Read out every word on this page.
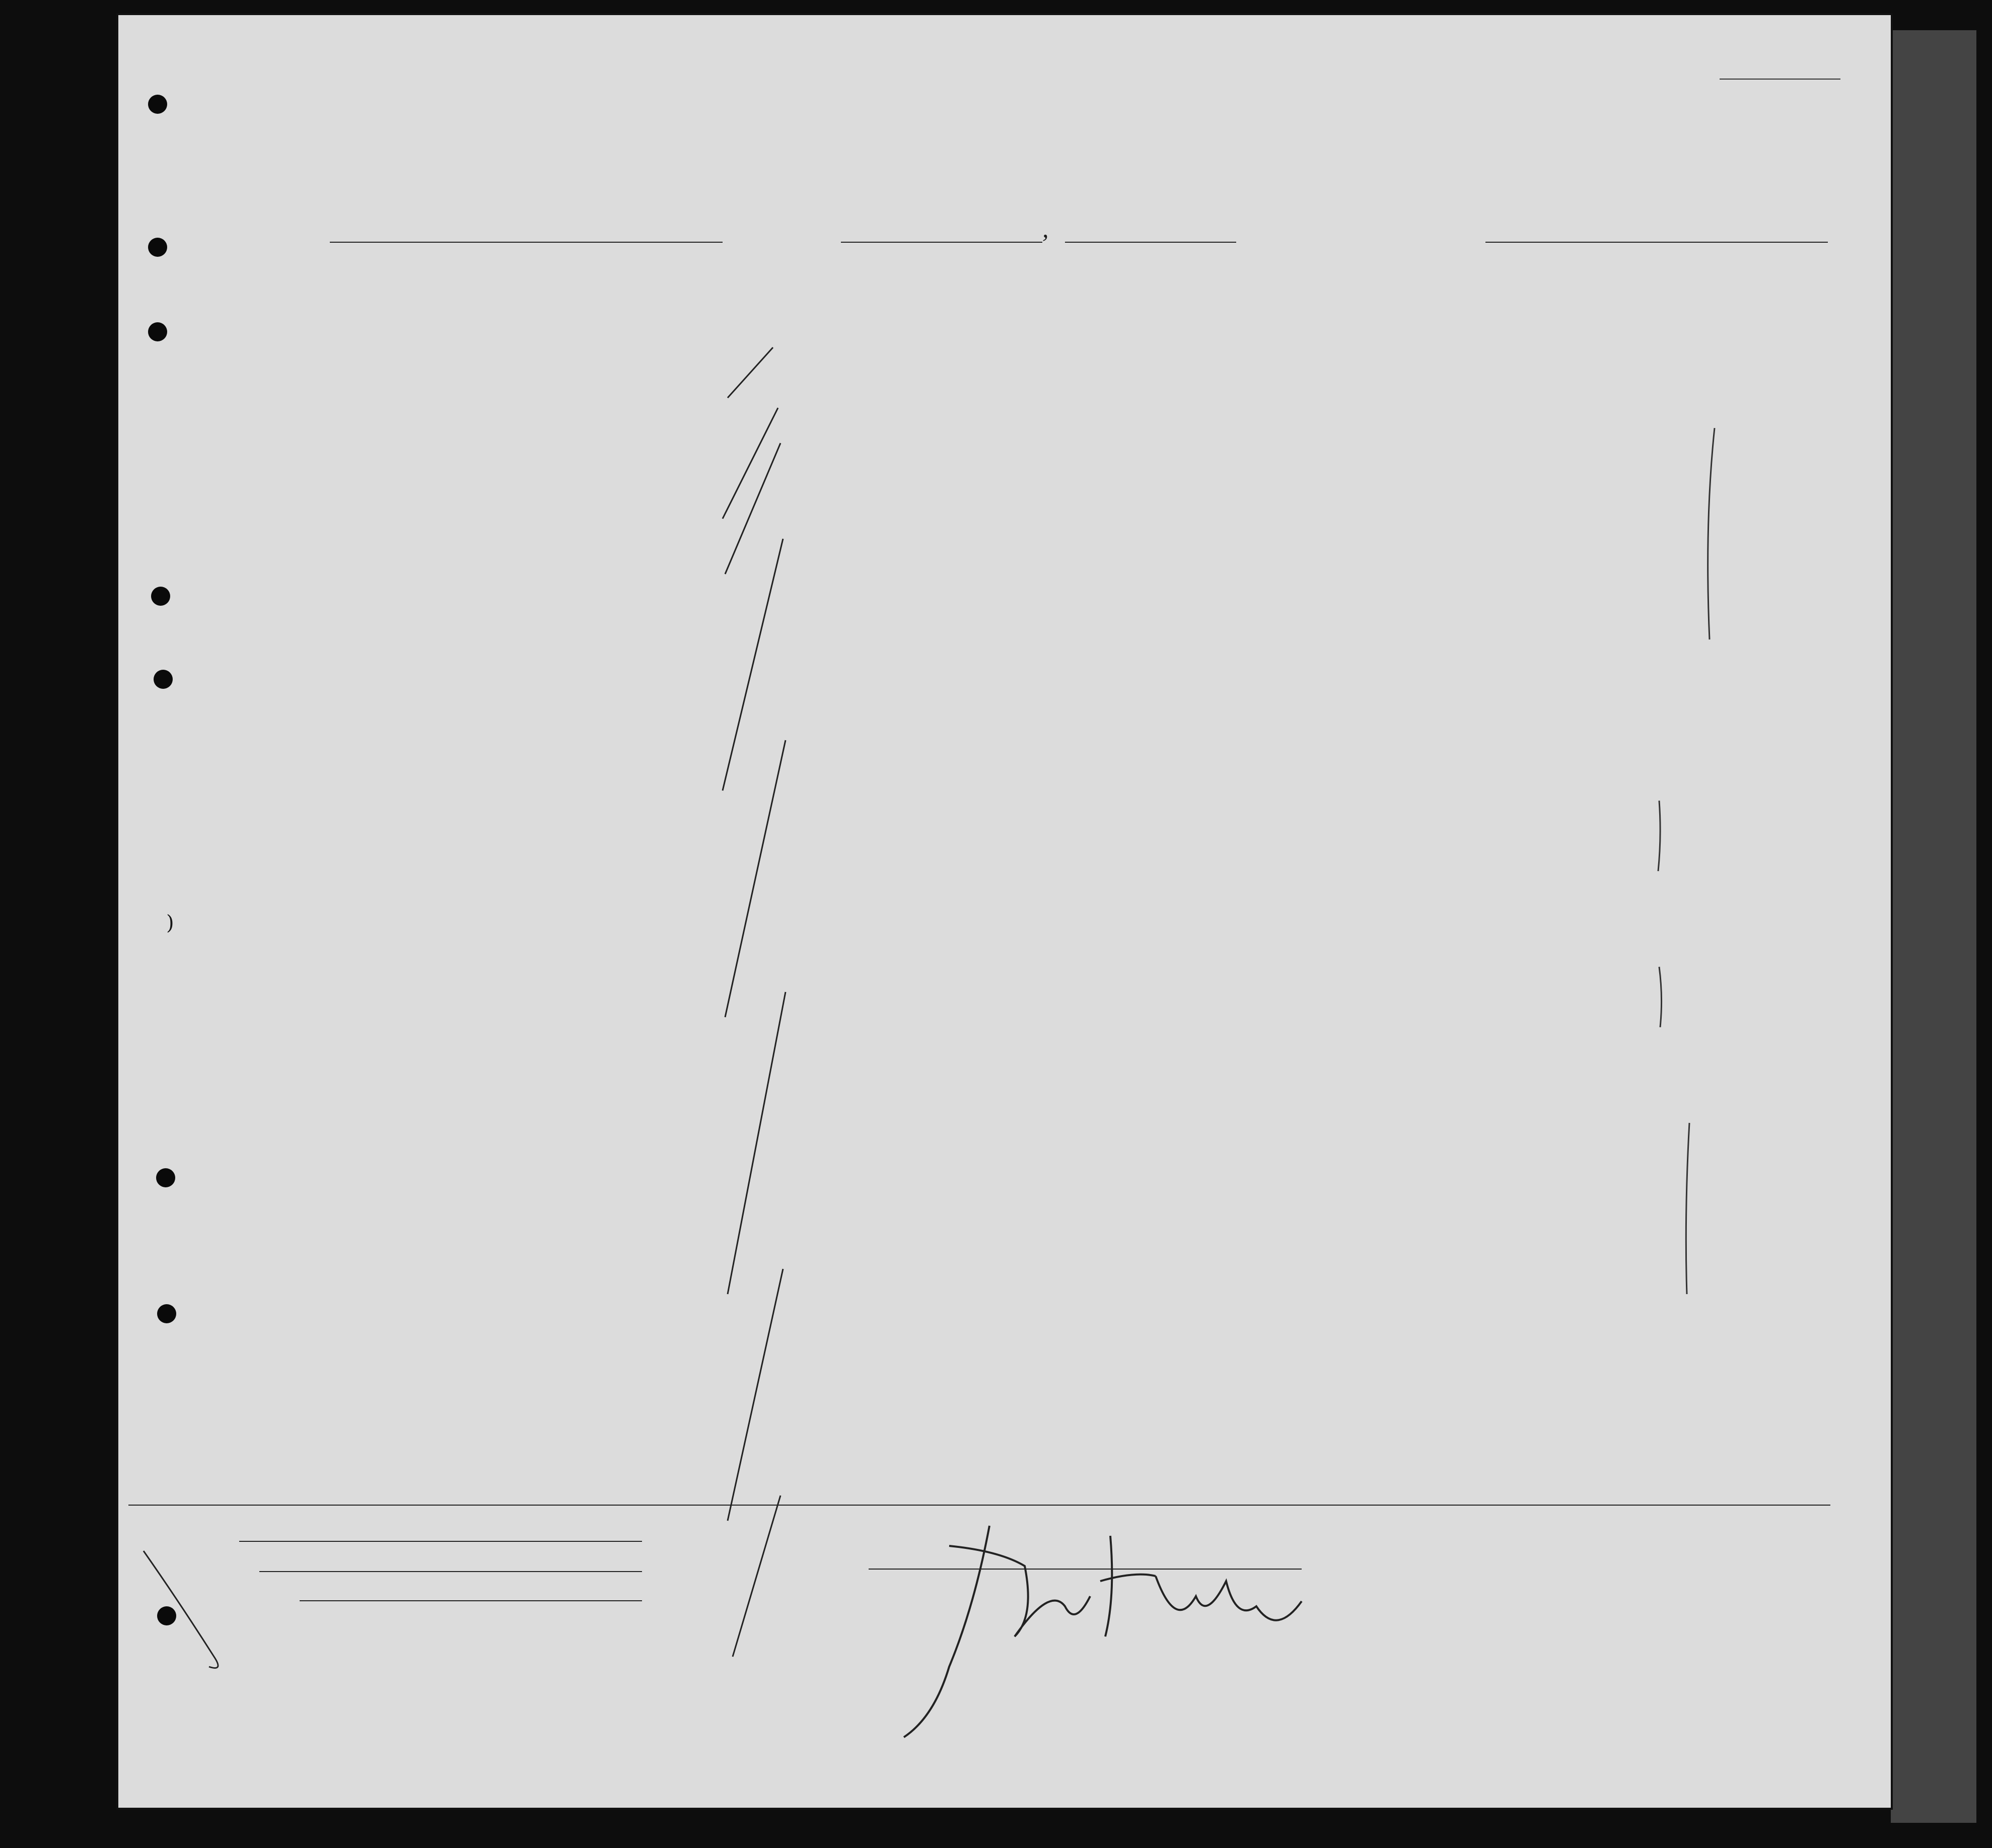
,
)
